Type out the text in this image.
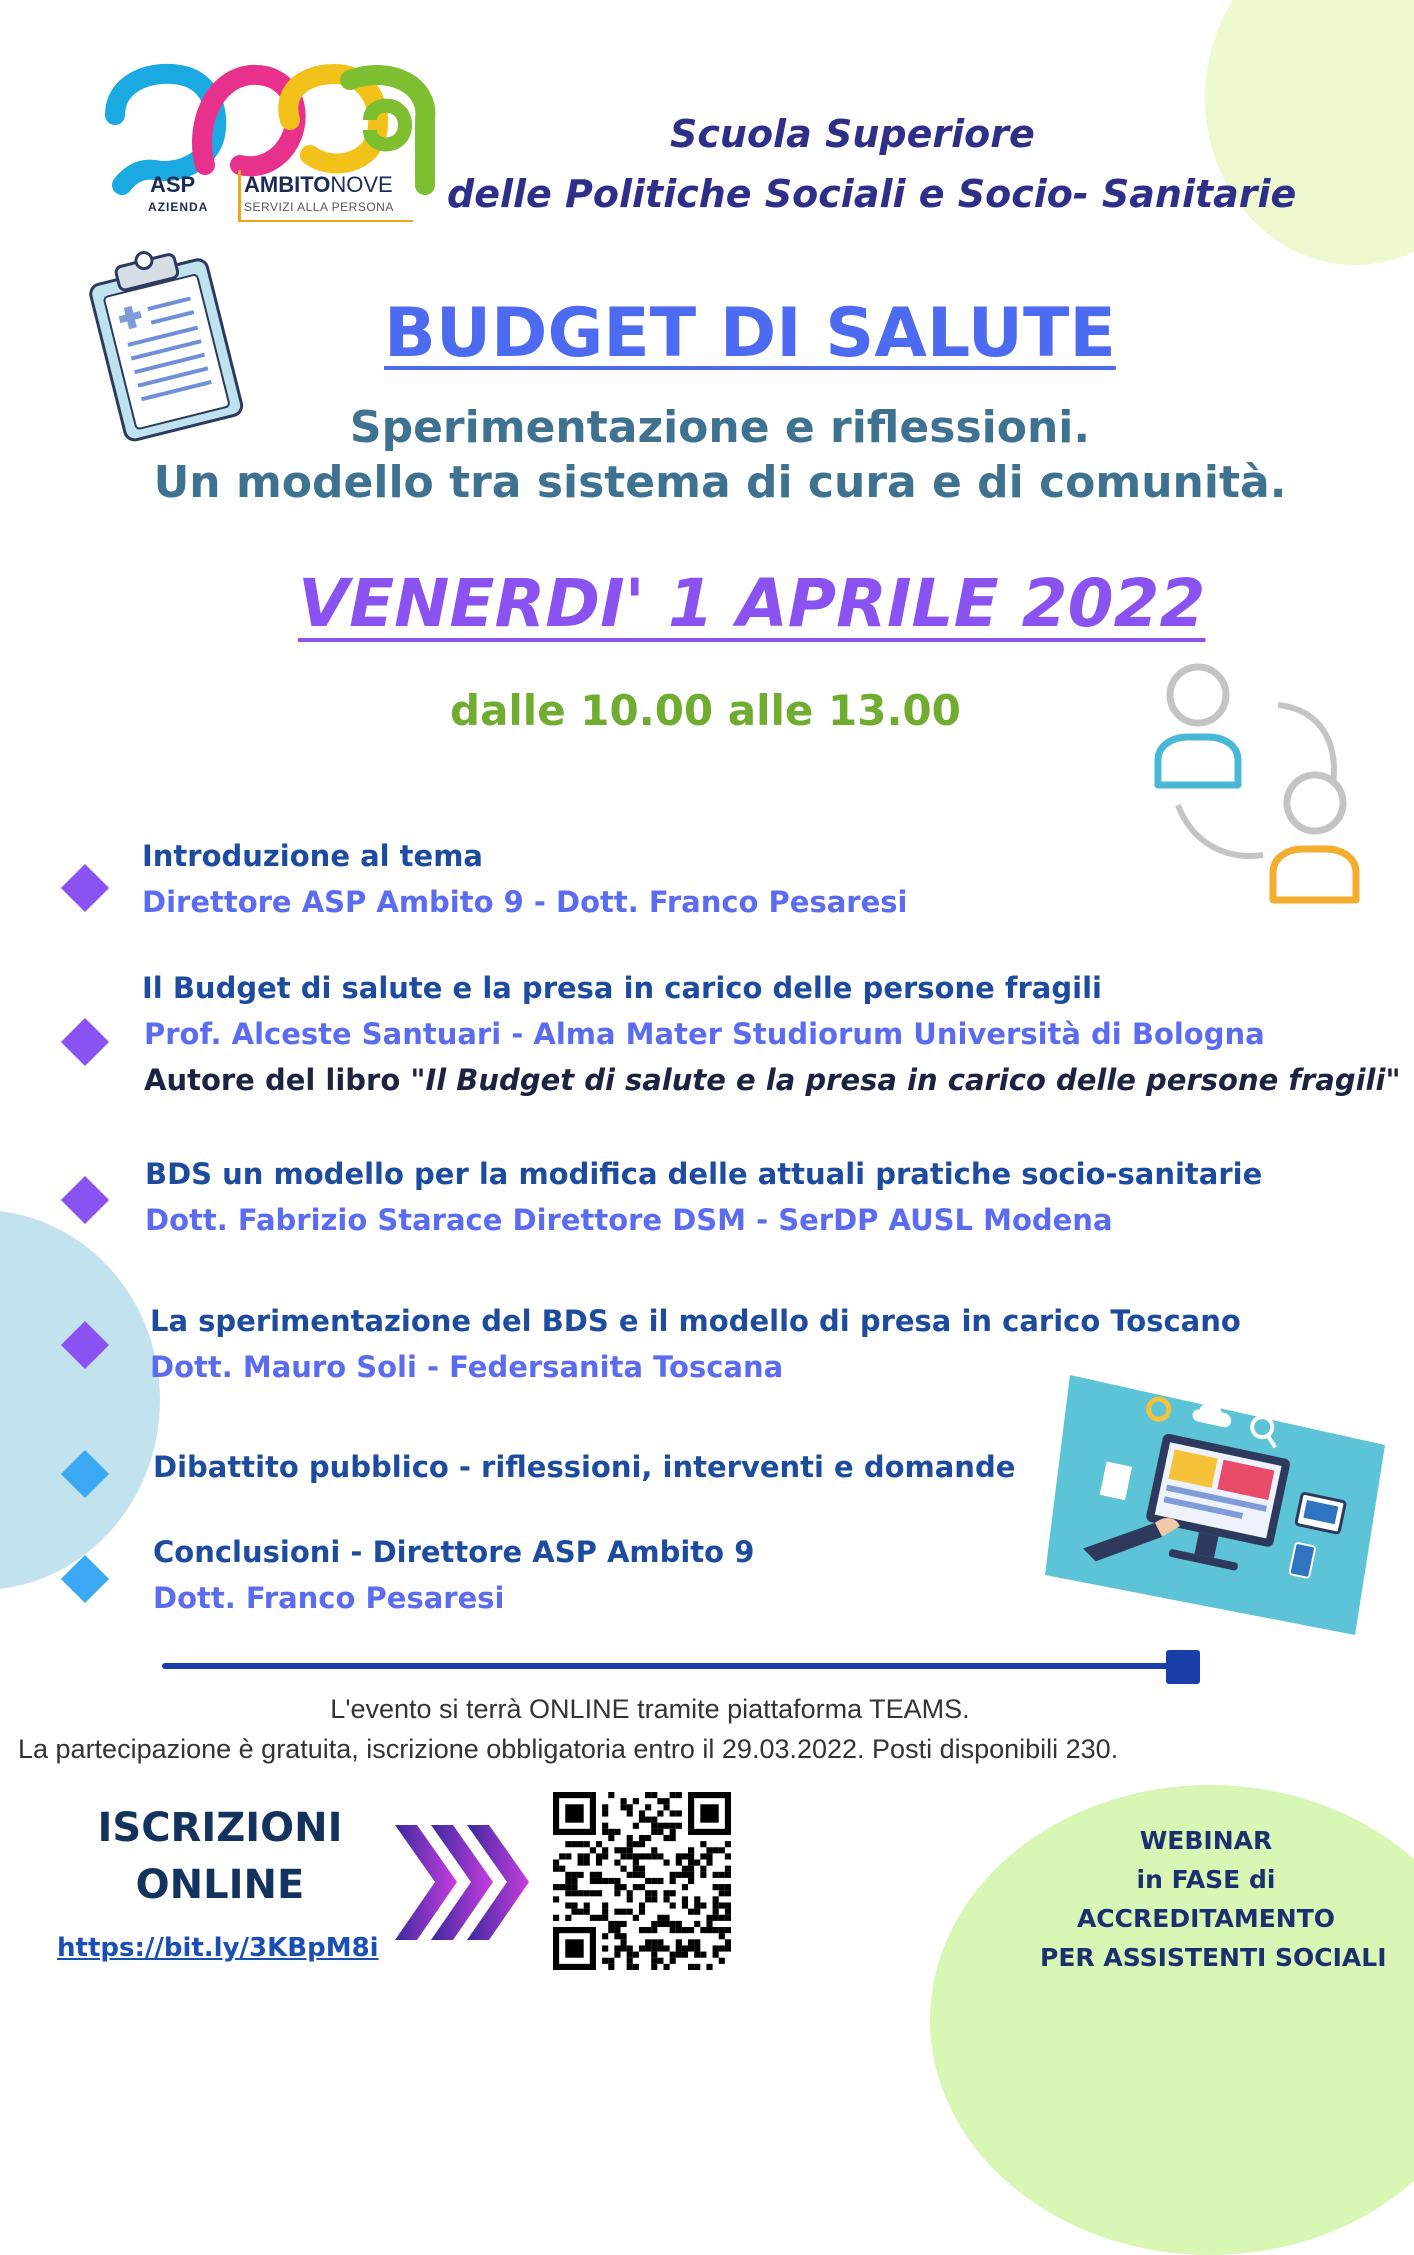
ASP
AZIENDA
AMBITONOVE
SERVIZI ALLA PERSONA
Scuola Superiore
delle Politiche Sociali e Socio- Sanitarie
BUDGET DI SALUTE
Sperimentazione e riflessioni.
Un modello tra sistema di cura e di comunità.
VENERDI' 1 APRILE 2022
dalle 10.00 alle 13.00
Introduzione al tema
Direttore ASP Ambito 9 - Dott. Franco Pesaresi
Il Budget di salute e la presa in carico delle persone fragili
Prof. Alceste Santuari - Alma Mater Studiorum Università di Bologna
Autore del libro "Il Budget di salute e la presa in carico delle persone fragili"
BDS un modello per la modifica delle attuali pratiche socio-sanitarie
Dott. Fabrizio Starace Direttore DSM - SerDP AUSL Modena
La sperimentazione del BDS e il modello di presa in carico Toscano
Dott. Mauro Soli - Federsanita Toscana
Dibattito pubblico - riflessioni, interventi e domande
Conclusioni - Direttore ASP Ambito 9
Dott. Franco Pesaresi
L'evento si terrà ONLINE tramite piattaforma TEAMS.
La partecipazione è gratuita, iscrizione obbligatoria entro il 29.03.2022. Posti disponibili 230.
ISCRIZIONI
ONLINE
https://bit.ly/3KBpM8i
WEBINAR
in FASE di
ACCREDITAMENTO
PER ASSISTENTI SOCIALI
